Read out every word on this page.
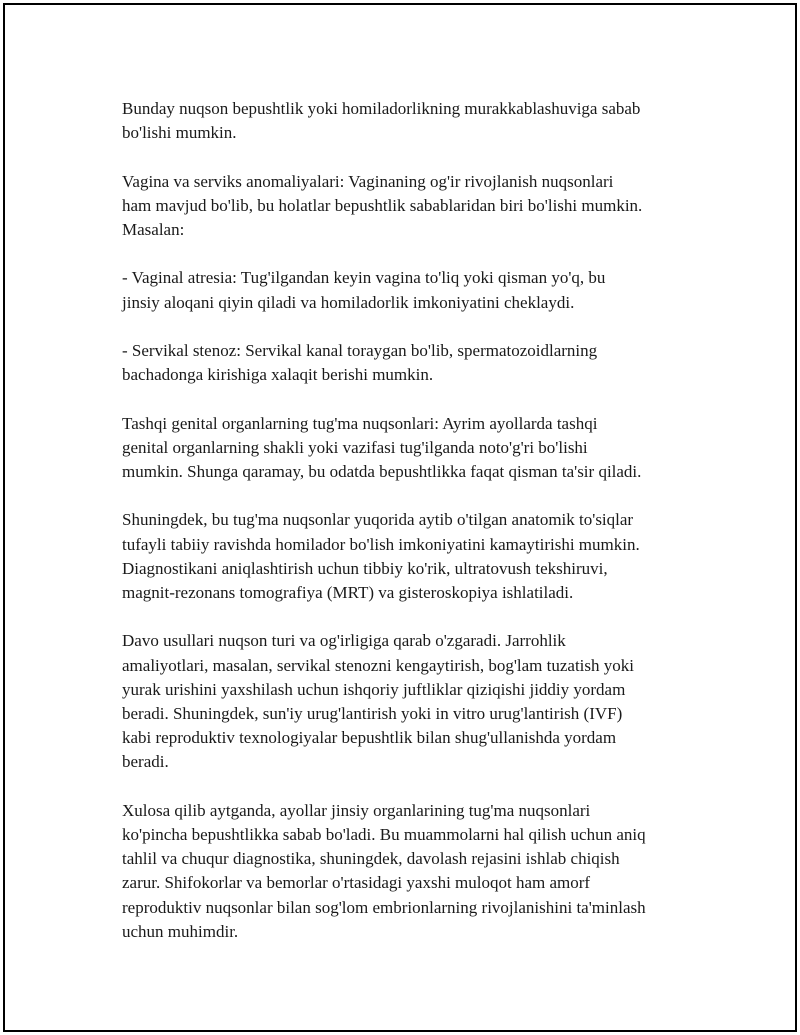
Bunday nuqson bepushtlik yoki homiladorlikning murakkablashuviga sabab
bo'lishi mumkin.

Vagina va serviks anomaliyalari: Vaginaning og'ir rivojlanish nuqsonlari
ham mavjud bo'lib, bu holatlar bepushtlik sabablaridan biri bo'lishi mumkin.
Masalan:

- Vaginal atresia: Tug'ilgandan keyin vagina to'liq yoki qisman yo'q, bu
jinsiy aloqani qiyin qiladi va homiladorlik imkoniyatini cheklaydi.

- Servikal stenoz: Servikal kanal toraygan bo'lib, spermatozoidlarning
bachadonga kirishiga xalaqit berishi mumkin.

Tashqi genital organlarning tug'ma nuqsonlari: Ayrim ayollarda tashqi
genital organlarning shakli yoki vazifasi tug'ilganda noto'g'ri bo'lishi
mumkin. Shunga qaramay, bu odatda bepushtlikka faqat qisman ta'sir qiladi.

Shuningdek, bu tug'ma nuqsonlar yuqorida aytib o'tilgan anatomik to'siqlar
tufayli tabiiy ravishda homilador bo'lish imkoniyatini kamaytirishi mumkin.
Diagnostikani aniqlashtirish uchun tibbiy ko'rik, ultratovush tekshiruvi,
magnit-rezonans tomografiya (MRT) va gisteroskopiya ishlatiladi.

Davo usullari nuqson turi va og'irligiga qarab o'zgaradi. Jarrohlik
amaliyotlari, masalan, servikal stenozni kengaytirish, bog'lam tuzatish yoki
yurak urishini yaxshilash uchun ishqoriy juftliklar qiziqishi jiddiy yordam
beradi. Shuningdek, sun'iy urug'lantirish yoki in vitro urug'lantirish (IVF)
kabi reproduktiv texnologiyalar bepushtlik bilan shug'ullanishda yordam
beradi.

Xulosa qilib aytganda, ayollar jinsiy organlarining tug'ma nuqsonlari
ko'pincha bepushtlikka sabab bo'ladi. Bu muammolarni hal qilish uchun aniq
tahlil va chuqur diagnostika, shuningdek, davolash rejasini ishlab chiqish
zarur. Shifokorlar va bemorlar o'rtasidagi yaxshi muloqot ham amorf
reproduktiv nuqsonlar bilan sog'lom embrionlarning rivojlanishini ta'minlash
uchun muhimdir.
